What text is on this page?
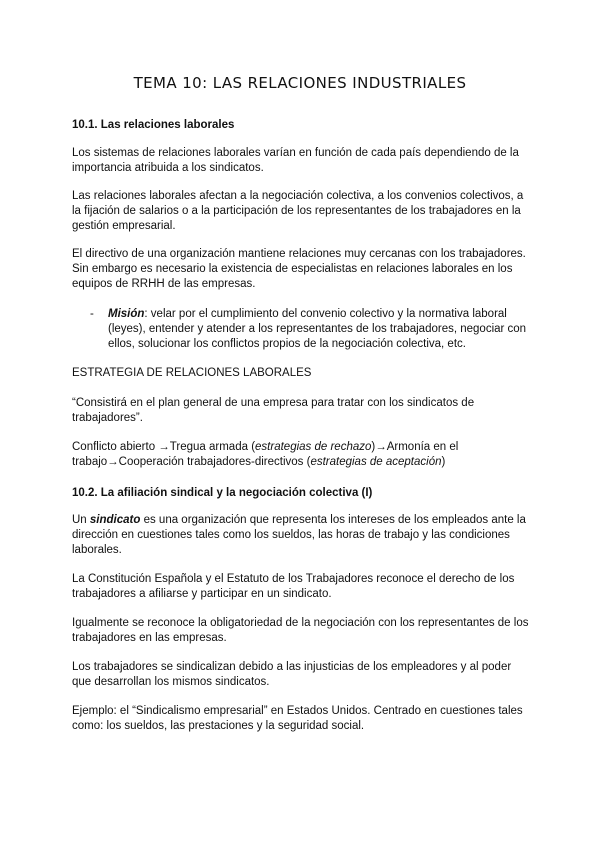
TEMA 10: LAS RELACIONES INDUSTRIALES
10.1. Las relaciones laborales
Los sistemas de relaciones laborales varían en función de cada país dependiendo de la importancia atribuida a los sindicatos.
Las relaciones laborales afectan a la negociación colectiva, a los convenios colectivos, a la fijación de salarios o a la participación de los representantes de los trabajadores en la gestión empresarial.
El directivo de una organización mantiene relaciones muy cercanas con los trabajadores. Sin embargo es necesario la existencia de especialistas en relaciones laborales en los equipos de RRHH de las empresas.
- Misión: velar por el cumplimiento del convenio colectivo y la normativa laboral (leyes), entender y atender a los representantes de los trabajadores, negociar con ellos, solucionar los conflictos propios de la negociación colectiva, etc.
ESTRATEGIA DE RELACIONES LABORALES
“Consistirá en el plan general de una empresa para tratar con los sindicatos de trabajadores”.
Conflicto abierto →Tregua armada (estrategias de rechazo)→Armonía en el trabajo→Cooperación trabajadores-directivos (estrategias de aceptación)
10.2. La afiliación sindical y la negociación colectiva (I)
Un sindicato es una organización que representa los intereses de los empleados ante la dirección en cuestiones tales como los sueldos, las horas de trabajo y las condiciones laborales.
La Constitución Española y el Estatuto de los Trabajadores reconoce el derecho de los trabajadores a afiliarse y participar en un sindicato.
Igualmente se reconoce la obligatoriedad de la negociación con los representantes de los trabajadores en las empresas.
Los trabajadores se sindicalizan debido a las injusticias de los empleadores y al poder que desarrollan los mismos sindicatos.
Ejemplo: el “Sindicalismo empresarial” en Estados Unidos. Centrado en cuestiones tales como: los sueldos, las prestaciones y la seguridad social.
